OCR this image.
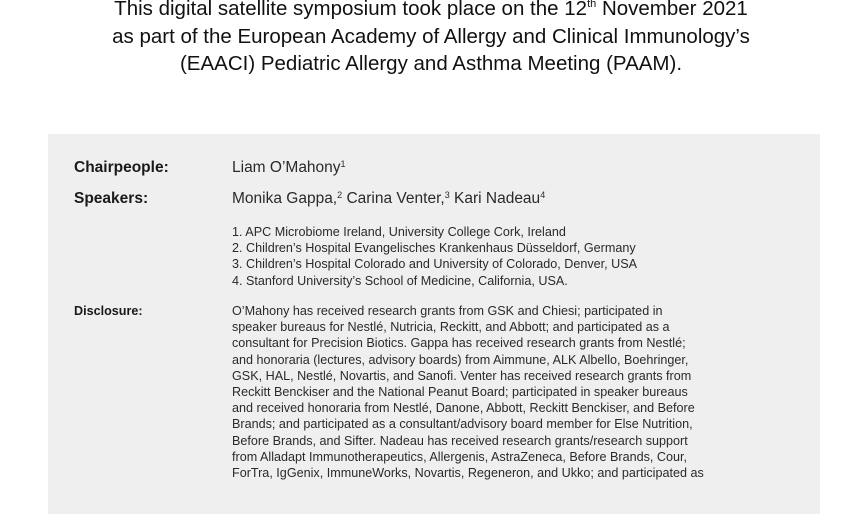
This digital satellite symposium took place on the 12th November 2021
as part of the European Academy of Allergy and Clinical Immunology’s
(EAACI) Pediatric Allergy and Asthma Meeting (PAAM).
Chairpeople:	Liam O’Mahony$^1$
Speakers:	Monika Gappa,$^2$ Carina Venter,$^3$ Kari Nadeau$^4$
1. APC Microbiome Ireland, University College Cork, Ireland
2. Children’s Hospital Evangelisches Krankenhaus Düsseldorf, Germany
3. Children’s Hospital Colorado and University of Colorado, Denver, USA
4. Stanford University’s School of Medicine, California, USA.
Disclosure:	O’Mahony has received research grants from GSK and Chiesi; participated in
speaker bureaus for Nestlé, Nutricia, Reckitt, and Abbott; and participated as a
consultant for Precision Biotics. Gappa has received research grants from Nestlé;
and honoraria (lectures, advisory boards) from Aimmune, ALK Albello, Boehringer,
GSK, HAL, Nestlé, Novartis, and Sanofi. Venter has received research grants from
Reckitt Benckiser and the National Peanut Board; participated in speaker bureaus
and received honoraria from Nestlé, Danone, Abbott, Reckitt Benckiser, and Before
Brands; and participated as a consultant/advisory board member for Else Nutrition,
Before Brands, and Sifter. Nadeau has received research grants/research support
from Alladapt Immunotherapeutics, Allergenis, AstraZeneca, Before Brands, Cour,
ForTra, IgGenix, ImmuneWorks, Novartis, Regeneron, and Ukko; and participated as
